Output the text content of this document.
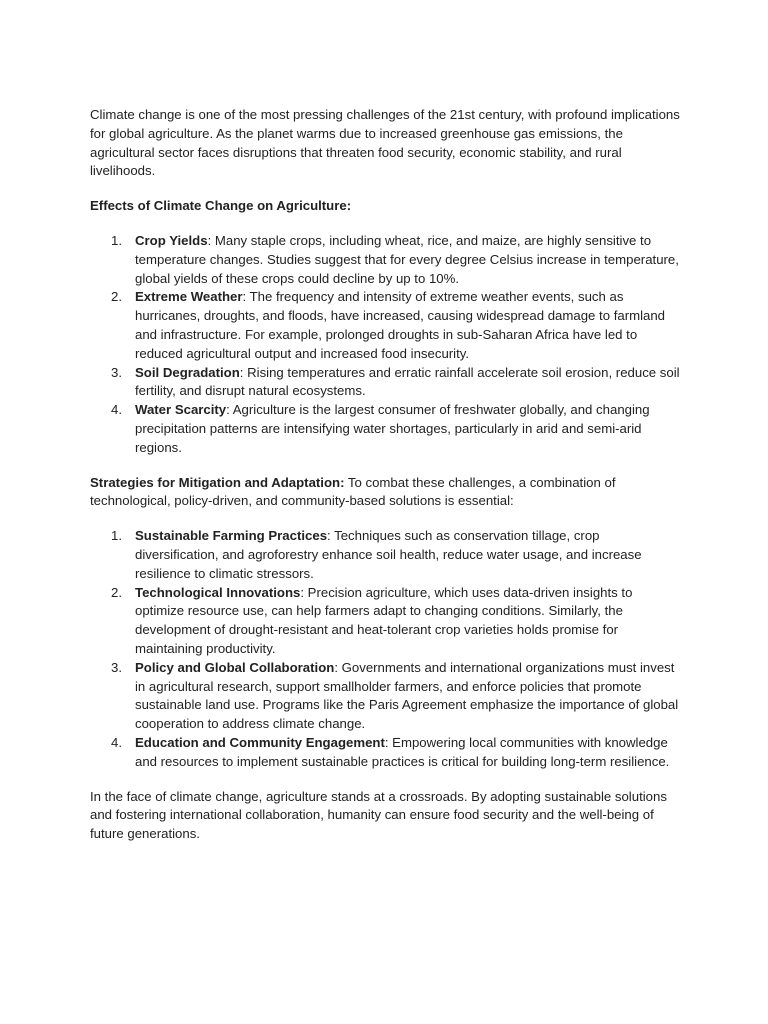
Climate change is one of the most pressing challenges of the 21st century, with profound implications for global agriculture. As the planet warms due to increased greenhouse gas emissions, the agricultural sector faces disruptions that threaten food security, economic stability, and rural livelihoods.

Effects of Climate Change on Agriculture:

1. Crop Yields: Many staple crops, including wheat, rice, and maize, are highly sensitive to temperature changes. Studies suggest that for every degree Celsius increase in temperature, global yields of these crops could decline by up to 10%.
2. Extreme Weather: The frequency and intensity of extreme weather events, such as hurricanes, droughts, and floods, have increased, causing widespread damage to farmland and infrastructure. For example, prolonged droughts in sub-Saharan Africa have led to reduced agricultural output and increased food insecurity.
3. Soil Degradation: Rising temperatures and erratic rainfall accelerate soil erosion, reduce soil fertility, and disrupt natural ecosystems.
4. Water Scarcity: Agriculture is the largest consumer of freshwater globally, and changing precipitation patterns are intensifying water shortages, particularly in arid and semi-arid regions.

Strategies for Mitigation and Adaptation: To combat these challenges, a combination of technological, policy-driven, and community-based solutions is essential:

1. Sustainable Farming Practices: Techniques such as conservation tillage, crop diversification, and agroforestry enhance soil health, reduce water usage, and increase resilience to climatic stressors.
2. Technological Innovations: Precision agriculture, which uses data-driven insights to optimize resource use, can help farmers adapt to changing conditions. Similarly, the development of drought-resistant and heat-tolerant crop varieties holds promise for maintaining productivity.
3. Policy and Global Collaboration: Governments and international organizations must invest in agricultural research, support smallholder farmers, and enforce policies that promote sustainable land use. Programs like the Paris Agreement emphasize the importance of global cooperation to address climate change.
4. Education and Community Engagement: Empowering local communities with knowledge and resources to implement sustainable practices is critical for building long-term resilience.

In the face of climate change, agriculture stands at a crossroads. By adopting sustainable solutions and fostering international collaboration, humanity can ensure food security and the well-being of future generations.
